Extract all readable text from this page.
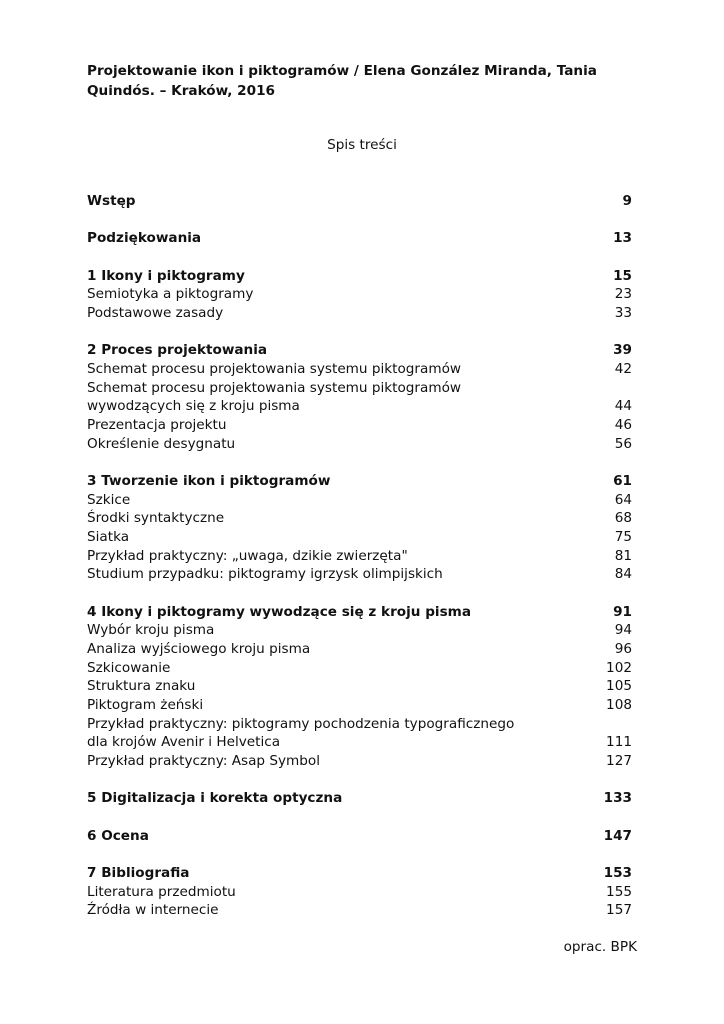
Projektowanie ikon i piktogramów / Elena González Miranda, Tania
Quindós. – Kraków, 2016
Spis treści
Wstęp	9
Podziękowania	13
1 Ikony i piktogramy	15
Semiotyka a piktogramy	23
Podstawowe zasady	33
2 Proces projektowania	39
Schemat procesu projektowania systemu piktogramów	42
Schemat procesu projektowania systemu piktogramów
wywodzących się z kroju pisma	44
Prezentacja projektu	46
Określenie desygnatu	56
3 Tworzenie ikon i piktogramów	61
Szkice	64
Środki syntaktyczne	68
Siatka	75
Przykład praktyczny: „uwaga, dzikie zwierzęta"	81
Studium przypadku: piktogramy igrzysk olimpijskich	84
4 Ikony i piktogramy wywodzące się z kroju pisma	91
Wybór kroju pisma	94
Analiza wyjściowego kroju pisma	96
Szkicowanie	102
Struktura znaku	105
Piktogram żeński	108
Przykład praktyczny: piktogramy pochodzenia typograficznego
dla krojów Avenir i Helvetica	111
Przykład praktyczny: Asap Symbol	127
5 Digitalizacja i korekta optyczna	133
6 Ocena	147
7 Bibliografia	153
Literatura przedmiotu	155
Źródła w internecie	157
oprac. BPK
